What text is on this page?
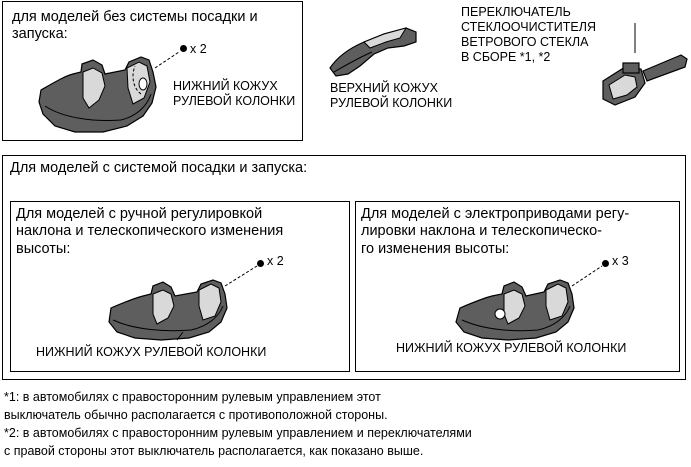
для моделей без системы посадки и
запуска:
x 2
НИЖНИЙ КОЖУХ
РУЛЕВОЙ КОЛОНКИ
ВЕРХНИЙ КОЖУХ
РУЛЕВОЙ КОЛОНКИ
ПЕРЕКЛЮЧАТЕЛЬ
СТЕКЛООЧИСТИТЕЛЯ
ВЕТРОВОГО СТЕКЛА
В СБОРЕ *1, *2
Для моделей с системой посадки и запуска:
Для моделей с ручной регулировкой
наклона и телескопического изменения
высоты:
x 2
НИЖНИЙ КОЖУХ РУЛЕВОЙ КОЛОНКИ
Для моделей с электроприводами регу-
лировки наклона и телескопическо-
го изменения высоты:
x 3
НИЖНИЙ КОЖУХ РУЛЕВОЙ КОЛОНКИ
*1: в автомобилях с правосторонним рулевым управлением этот
выключатель обычно располагается с противоположной стороны.
*2: в автомобилях с правосторонним рулевым управлением и переключателями
с правой стороны этот выключатель располагается, как показано выше.
